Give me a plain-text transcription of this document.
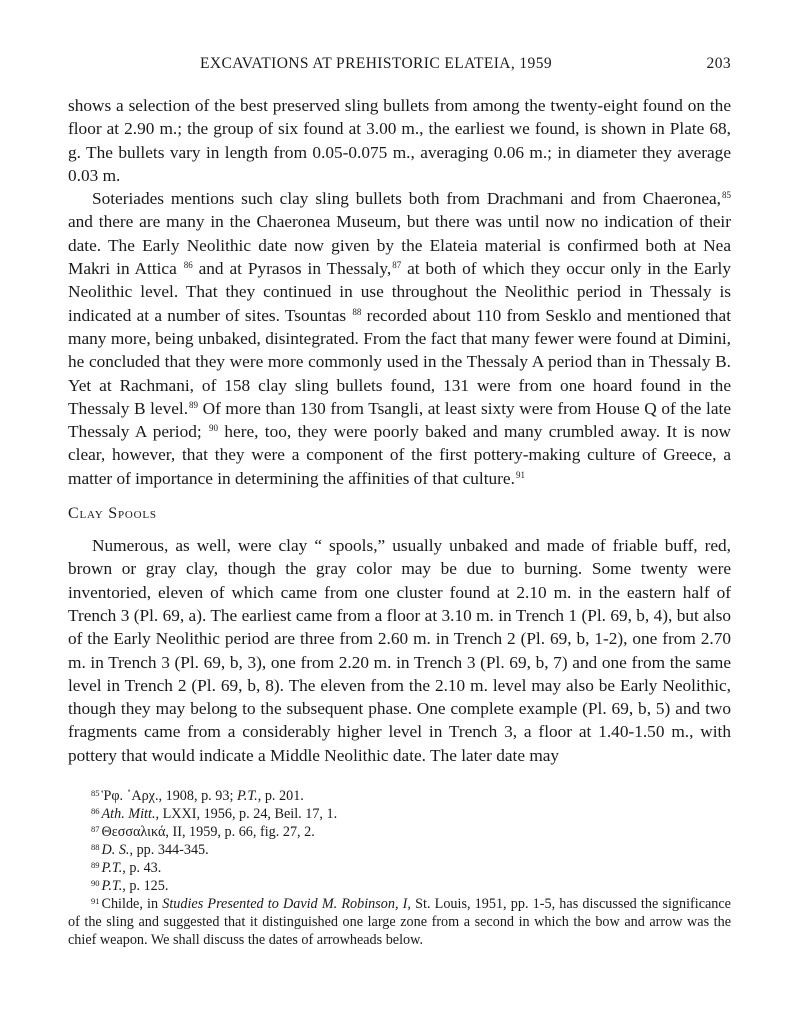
EXCAVATIONS AT PREHISTORIC ELATEIA, 1959	203

shows a selection of the best preserved sling bullets from among the twenty-eight found on the floor at 2.90 m.; the group of six found at 3.00 m., the earliest we found, is shown in Plate 68, g. The bullets vary in length from 0.05-0.075 m., averaging 0.06 m.; in diameter they average 0.03 m.

Soteriades mentions such clay sling bullets both from Drachmani and from Chaeronea,$^{85}$ and there are many in the Chaeronea Museum, but there was until now no indication of their date. The Early Neolithic date now given by the Elateia material is confirmed both at Nea Makri in Attica $^{86}$ and at Pyrasos in Thessaly,$^{87}$ at both of which they occur only in the Early Neolithic level. That they continued in use throughout the Neolithic period in Thessaly is indicated at a number of sites. Tsountas $^{88}$ recorded about 110 from Sesklo and mentioned that many more, being unbaked, disintegrated. From the fact that many fewer were found at Dimini, he concluded that they were more commonly used in the Thessaly A period than in Thessaly B. Yet at Rachmani, of 158 clay sling bullets found, 131 were from one hoard found in the Thessaly B level.$^{89}$ Of more than 130 from Tsangli, at least sixty were from House Q of the late Thessaly A period; $^{90}$ here, too, they were poorly baked and many crumbled away. It is now clear, however, that they were a component of the first pottery-making culture of Greece, a matter of importance in determining the affinities of that culture.$^{91}$

Clay Spools

Numerous, as well, were clay “ spools,” usually unbaked and made of friable buff, red, brown or gray clay, though the gray color may be due to burning. Some twenty were inventoried, eleven of which came from one cluster found at 2.10 m. in the eastern half of Trench 3 (Pl. 69, a). The earliest came from a floor at 3.10 m. in Trench 1 (Pl. 69, b, 4), but also of the Early Neolithic period are three from 2.60 m. in Trench 2 (Pl. 69, b, 1-2), one from 2.70 m. in Trench 3 (Pl. 69, b, 3), one from 2.20 m. in Trench 3 (Pl. 69, b, 7) and one from the same level in Trench 2 (Pl. 69, b, 8). The eleven from the 2.10 m. level may also be Early Neolithic, though they may belong to the subsequent phase. One complete example (Pl. 69, b, 5) and two fragments came from a considerably higher level in Trench 3, a floor at 1.40-1.50 m., with pottery that would indicate a Middle Neolithic date. The later date may

$^{85}$ Ῥφ. ᾽Αρχ., 1908, p. 93; P.T., p. 201.
$^{86}$ Ath. Mitt., LXXI, 1956, p. 24, Beil. 17, 1.
$^{87}$ Θεσσαλικά, II, 1959, p. 66, fig. 27, 2.
$^{88}$ D. S., pp. 344-345.
$^{89}$ P.T., p. 43.
$^{90}$ P.T., p. 125.
$^{91}$ Childe, in Studies Presented to David M. Robinson, I, St. Louis, 1951, pp. 1-5, has discussed the significance of the sling and suggested that it distinguished one large zone from a second in which the bow and arrow was the chief weapon. We shall discuss the dates of arrowheads below.
